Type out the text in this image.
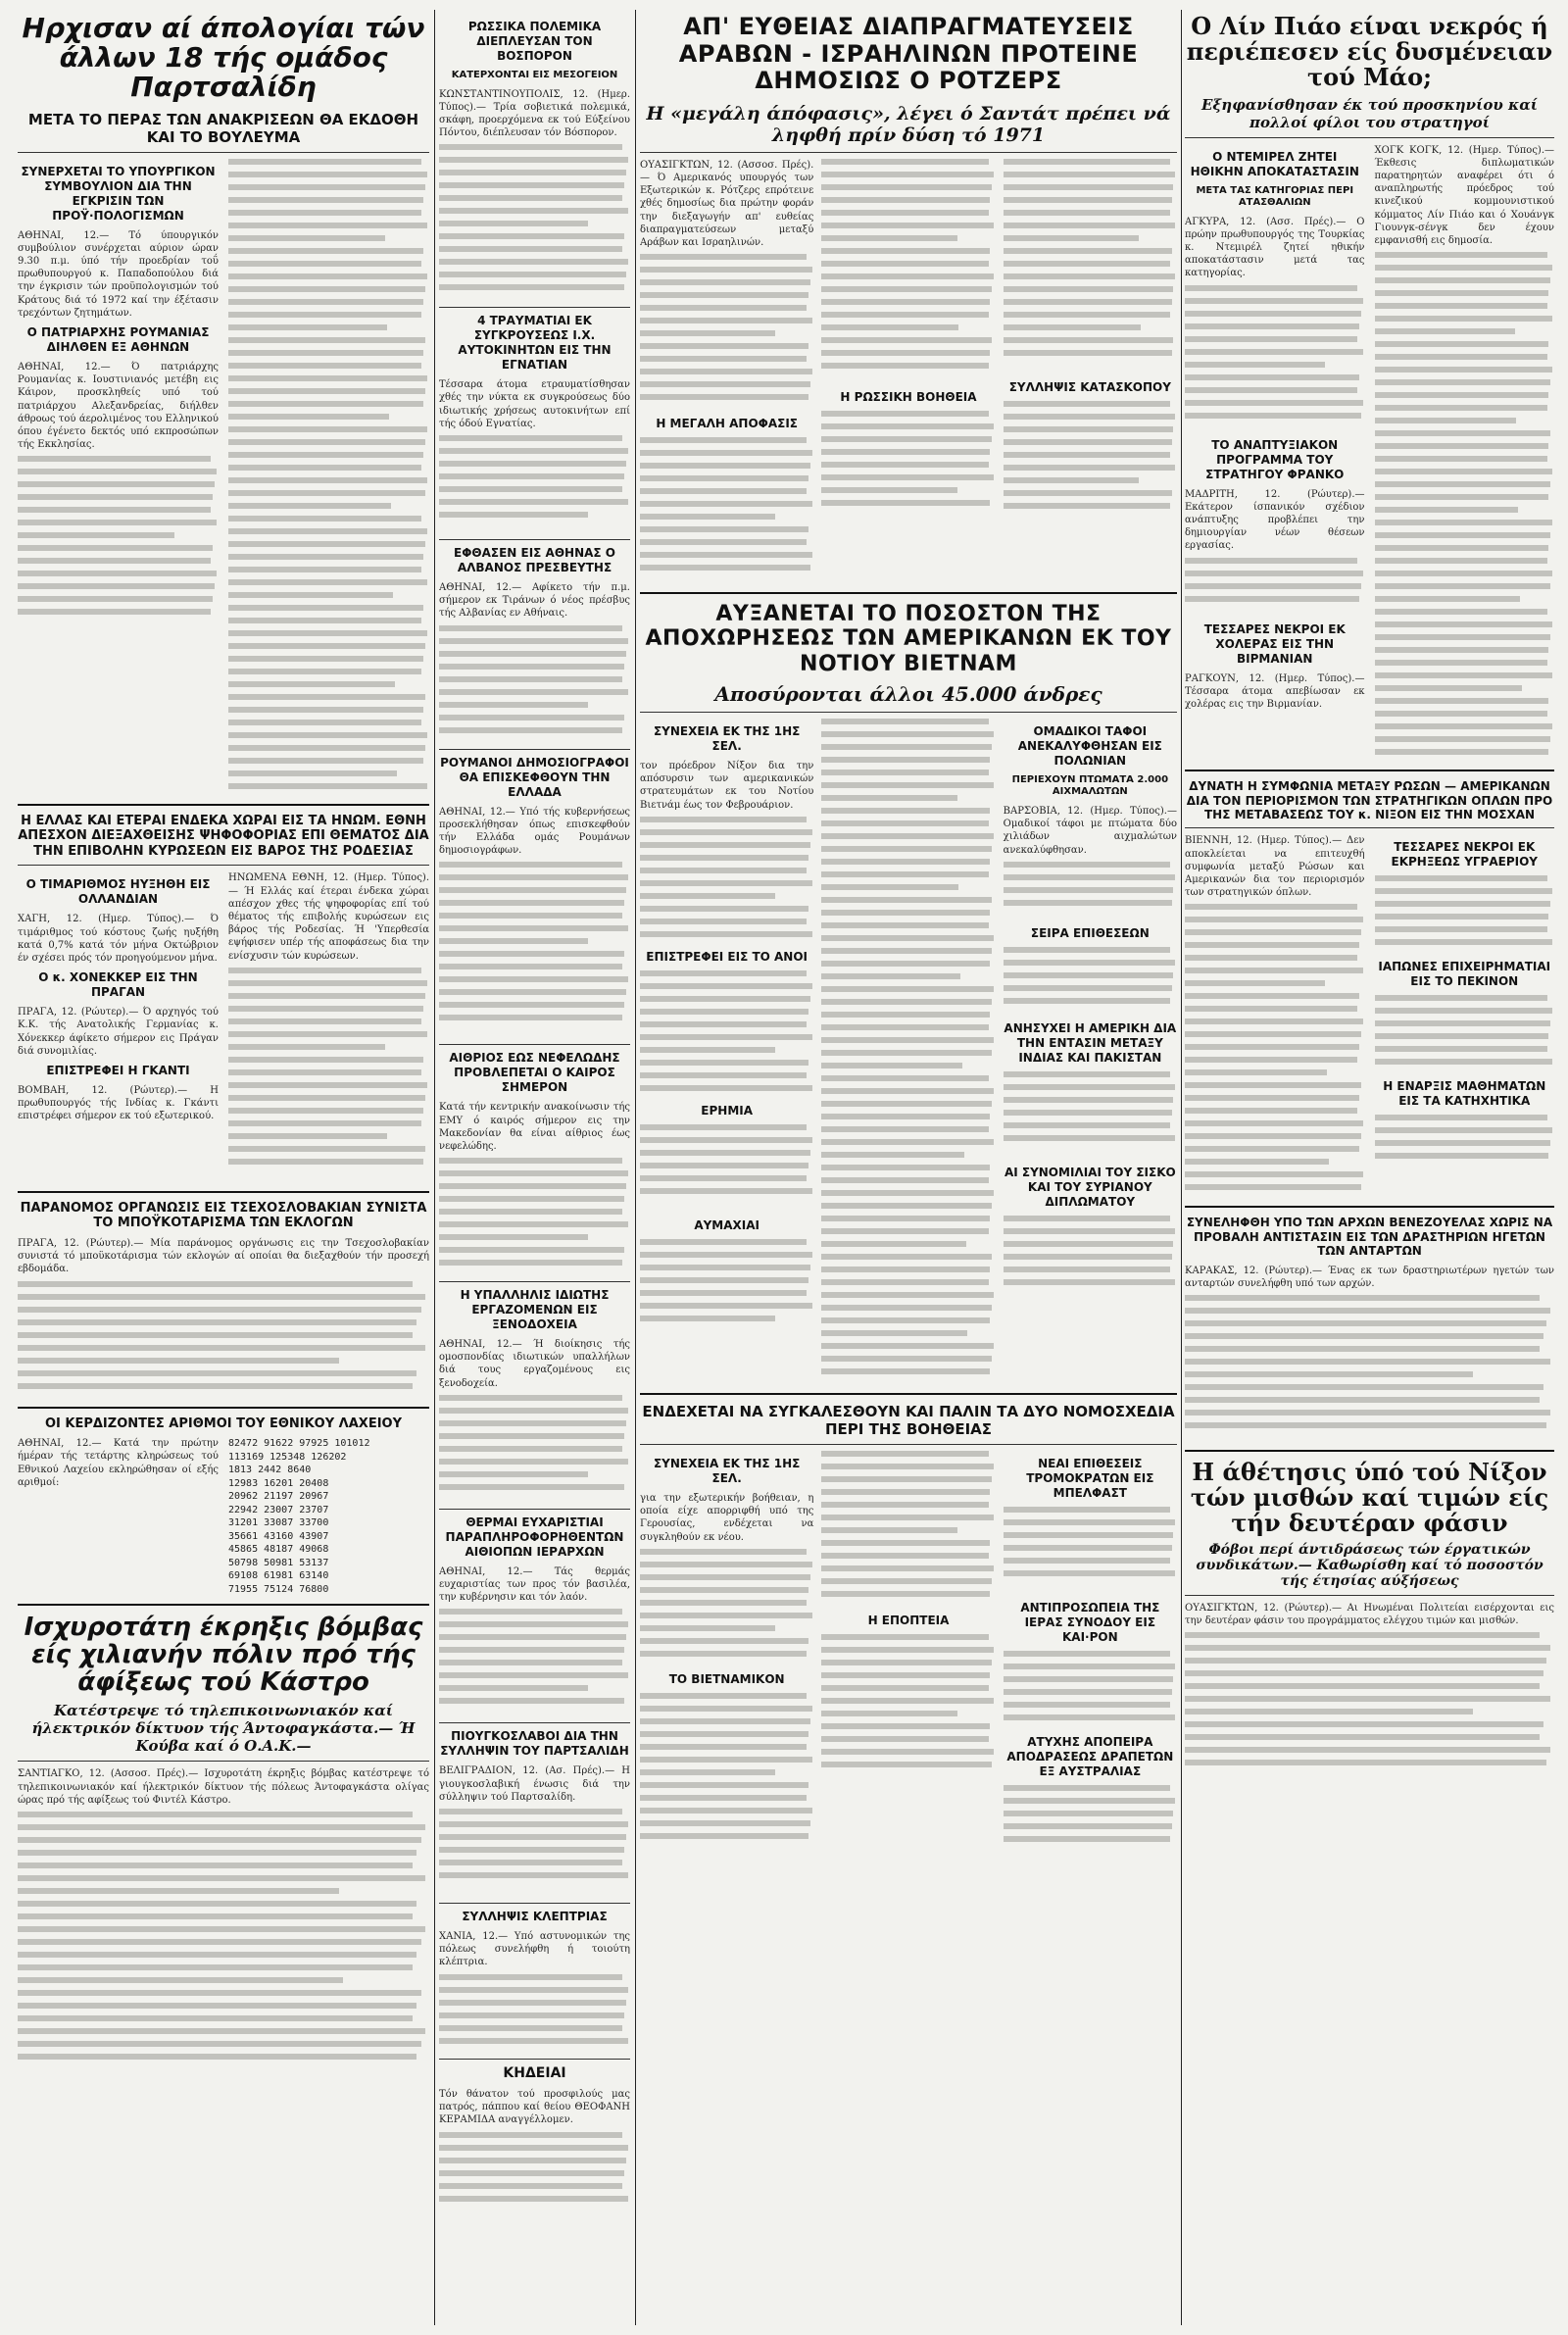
Ηρχισαν αί άπολογίαι τών άλλων 18 τής ομάδος Παρτσαλίδη
ΜΕΤΑ ΤΟ ΠΕΡΑΣ ΤΩΝ ΑΝΑΚΡΙΣΕΩΝ ΘΑ ΕΚΔΟΘΗ ΚΑΙ ΤΟ ΒΟΥΛΕΥΜΑ
ΣΥΝΕΡΧΕΤΑΙ ΤΟ ΥΠΟΥΡΓΙΚΟΝ ΣΥΜΒΟΥΛΙΟΝ ΔΙΑ ΤΗΝ ΕΓΚΡΙΣΙΝ ΤΩΝ ΠΡΟΫ·ΠΟΛΟΓΙΣΜΩΝ

ΑΘΗΝΑΙ, 12.— Τό ύπουργικόν συμβούλιον συνέρχεται αύριον ώραν 9.30 π.μ. ύπό τήν προεδρίαν τοΰ πρωθυπουργού κ. Παπαδοπούλου διά την έγκρισιν τών προϋπολογισμών τού Κράτους διά τό 1972 καί την έξέτασιν τρεχόντων ζητημάτων.

Ο ΠΑΤΡΙΑΡΧΗΣ ΡΟΥΜΑΝΙΑΣ ΔΙΗΛΘΕΝ ΕΞ ΑΘΗΝΩΝ

ΑΘΗΝΑΙ, 12.— Ό πατριάρχης Ρουμανίας κ. Ιουστινιανός μετέβη εις Κάιρον, προσκληθείς υπό τού πατριάρχου Αλεξανδρείας, διήλθεν άθροως τού άερολιμένος του Ελληνικού όπου έγένετο δεκτός υπό εκπροσώπων τής Εκκλησίας.

Η ΕΛΛΑΣ ΚΑΙ ΕΤΕΡΑΙ ΕΝΔΕΚΑ ΧΩΡΑΙ ΕΙΣ ΤΑ ΗΝΩΜ. ΕΘΝΗ ΑΠΕΣΧΟΝ ΔΙΕΞΑΧΘΕΙΣΗΣ ΨΗΦΟΦΟΡΙΑΣ ΕΠΙ ΘΕΜΑΤΟΣ ΔΙΑ ΤΗΝ ΕΠΙΒΟΛΗΝ ΚΥΡΩΣΕΩΝ ΕΙΣ ΒΑΡΟΣ ΤΗΣ ΡΟΔΕΣΙΑΣ
Ο ΤΙΜΑΡΙΘΜΟΣ ΗΥΞΗΘΗ ΕΙΣ ΟΛΛΑΝΔΙΑΝ

ΧΑΓΗ, 12. (Ημερ. Τύπος).— Ό τιμάριθμος τού κόστους ζωής ηυξήθη κατά 0,7% κατά τόν μήνα Οκτώβριον έν σχέσει πρός τόν προηγούμενον μήνα.

Ο κ. ΧΟΝΕΚΚΕΡ ΕΙΣ ΤΗΝ ΠΡΑΓΑΝ

ΠΡΑΓΑ, 12. (Ρώυτερ).— Ό αρχηγός τού Κ.Κ. τής Ανατολικής Γερμανίας κ. Χόνεκκερ άφίκετο σήμερον εις Πράγαν διά συνομιλίας.

ΕΠΙΣΤΡΕΦΕΙ Η ΓΚΑΝΤΙ

ΒΟΜΒΑΗ, 12. (Ρώυτερ).— Η πρωθυπουργός τής Ινδίας κ. Γκάντι επιστρέφει σήμερον εκ τού εξωτερικού.

ΗΝΩΜΕΝΑ ΕΘΝΗ, 12. (Ημερ. Τύπος).— Ή Ελλάς καί έτεραι ένδεκα χώραι απέσχον χθες τής ψηφοφορίας επί τού θέματος τής επιβολής κυρώσεων εις βάρος τής Ροδεσίας. Ή 'Υπερθεσία εψήφισεν υπέρ τής αποφάσεως δια την ενίσχυσιν τών κυρώσεων.

ΠΑΡΑΝΟΜΟΣ ΟΡΓΑΝΩΣΙΣ ΕΙΣ ΤΣΕΧΟΣΛΟΒΑΚΙΑΝ ΣΥΝΙΣΤΑ ΤΟ ΜΠΟΫΚΟΤΑΡΙΣΜΑ ΤΩΝ ΕΚΛΟΓΩΝ

ΠΡΑΓΑ, 12. (Ρώυτερ).— Μία παράνομος οργάνωσις εις την Τσεχοσλοβακίαν συνιστά τό μποϋκοτάρισμα τών εκλογών αί οποίαι θα διεξαχθούν τήν προσεχή εβδομάδα.

ΟΙ ΚΕΡΔΙΖΟΝΤΕΣ ΑΡΙΘΜΟΙ ΤΟΥ ΕΘΝΙΚΟΥ ΛΑΧΕΙΟΥ

ΑΘΗΝΑΙ, 12.— Κατά την πρώτην ήμέραν τής τετάρτης κληρώσεως τού Εθνικού Λαχείου εκληρώθησαν οί εξής αριθμοί:

82472 91622 97925 101012
113169 125348 126202
1813 2442 8640
12983 16201 20408
20962 21197 20967
22942 23007 23707
31201 33087 33700
35661 43160 43907
45865 48187 49068
50798 50981 53137
69108 61981 63140
71955 75124 76800
Ισχυροτάτη έκρηξις βόμβας είς χιλιανήν πόλιν πρό τής άφίξεως τού Κάστρο
Κατέστρεψε τό τηλεπικοινωνιακόν καί ήλεκτρικόν δίκτυον τής Άντοφαγκάστα.— Ή Κούβα καί ό Ο.Α.Κ.—

ΣΑΝΤΙΑΓΚΟ, 12. (Ασσοσ. Πρές).— Ισχυροτάτη έκρηξις βόμβας κατέστρεψε τό τηλεπικοινωνιακόν καί ήλεκτρικόν δίκτυον τής πόλεως Άντοφαγκάστα ολίγας ώρας πρό τής αφίξεως τού Φιντέλ Κάστρο.

ΡΩΣΣΙΚΑ ΠΟΛΕΜΙΚΑ ΔΙΕΠΛΕΥΣΑΝ ΤΟΝ ΒΟΣΠΟΡΟΝ
ΚΑΤΕΡΧΟΝΤΑΙ ΕΙΣ ΜΕΣΟΓΕΙΟΝ

ΚΩΝΣΤΑΝΤΙΝΟΥΠΟΛΙΣ, 12. (Ημερ. Τύπος).— Τρία σοβιετικά πολεμικά, σκάφη, προερχόμενα εκ τού Εύξείνου Πόντου, διέπλευσαν τόν Βόσπορον.

4 ΤΡΑΥΜΑΤΙΑΙ ΕΚ ΣΥΓΚΡΟΥΣΕΩΣ Ι.Χ. ΑΥΤΟΚΙΝΗΤΩΝ ΕΙΣ ΤΗΝ ΕΓΝΑΤΙΑΝ

Τέσσαρα άτομα ετραυματίσθησαν χθές την νύκτα εκ συγκρούσεως δύο ιδιωτικής χρήσεως αυτοκινήτων επί τής όδού Εγνατίας.

ΕΦΘΑΣΕΝ ΕΙΣ ΑΘΗΝΑΣ Ο ΑΛΒΑΝΟΣ ΠΡΕΣΒΕΥΤΗΣ

ΑΘΗΝΑΙ, 12.— Αφίκετο τήν π.μ. σήμερον εκ Τιράνων ό νέος πρέσβυς τής Αλβανίας εν Αθήναις.

ΡΟΥΜΑΝΟΙ ΔΗΜΟΣΙΟΓΡΑΦΟΙ ΘΑ ΕΠΙΣΚΕΦΘΟΥΝ ΤΗΝ ΕΛΛΑΔΑ

ΑΘΗΝΑΙ, 12.— Υπό τής κυβερνήσεως προσεκλήθησαν όπως επισκεφθούν τήν Ελλάδα ομάς Ρουμάνων δημοσιογράφων.

ΑΙΘΡΙΟΣ ΕΩΣ ΝΕΦΕΛΩΔΗΣ ΠΡΟΒΛΕΠΕΤΑΙ Ο ΚΑΙΡΟΣ ΣΗΜΕΡΟΝ

Κατά τήν κεντρικήν ανακοίνωσιν τής ΕΜΥ ό καιρός σήμερον εις την Μακεδονίαν θα είναι αίθριος έως νεφελώδης.

Η ΥΠΑΛΛΗΛΙΣ ΙΔΙΩΤΗΣ ΕΡΓΑΖΟΜΕΝΩΝ ΕΙΣ ΞΕΝΟΔΟΧΕΙΑ

ΑΘΗΝΑΙ, 12.— Ή διοίκησις τής ομοσπονδίας ιδιωτικών υπαλλήλων διά τους εργαζομένους εις ξενοδοχεία.

ΘΕΡΜΑΙ ΕΥΧΑΡΙΣΤΙΑΙ ΠΑΡΑΠΛΗΡΟΦΟΡΗΘΕΝΤΩΝ ΑΙΘΙΟΠΩΝ ΙΕΡΑΡΧΩΝ

ΑΘΗΝΑΙ, 12.— Τάς θερμάς ευχαριστίας των προς τόν βασιλέα, την κυβέρνησιν και τόν λαόν.

ΠΙΟΥΓΚΟΣΛΑΒΟΙ ΔΙΑ ΤΗΝ ΣΥΛΛΗΨΙΝ ΤΟΥ ΠΑΡΤΣΑΛΙΔΗ

ΒΕΛΙΓΡΑΔΙΟΝ, 12. (Ασ. Πρές).— Η γιουγκοσλαβική ένωσις διά την σύλληψιν τού Παρτσαλίδη.

ΣΥΛΛΗΨΙΣ ΚΛΕΠΤΡΙΑΣ

ΧΑΝΙΑ, 12.— Υπό αστυνομικών της πόλεως συνελήφθη ή τοιούτη κλέπτρια.

ΚΗΔΕΙΑΙ

Τόν θάνατον τού προσφιλούς μας πατρός, πάππου καί θείου ΘΕΟΦΑΝΗ ΚΕΡΑΜΙΔΑ αναγγέλλομεν.

ΑΠ' ΕΥΘΕΙΑΣ ΔΙΑΠΡΑΓΜΑΤΕΥΣΕΙΣ ΑΡΑΒΩΝ - ΙΣΡΑΗΛΙΝΩΝ ΠΡΟΤΕΙΝΕ ΔΗΜΟΣΙΩΣ Ο ΡΟΤΖΕΡΣ
Η «μεγάλη άπόφασις», λέγει ό Σαντάτ πρέπει νά ληφθή πρίν δύση τό 1971

ΟΥΑΣΙΓΚΤΩΝ, 12. (Ασσοσ. Πρές).— Ό Αμερικανός υπουργός των Εξωτερικών κ. Ρότζερς επρότεινε χθές δημοσίως δια πρώτην φοράν την διεξαγωγήν απ' ευθείας διαπραγματεύσεων μεταξύ Αράβων και Ισραηλινών.

Η ΜΕΓΑΛΗ ΑΠΟΦΑΣΙΣ
Η ΡΩΣΣΙΚΗ ΒΟΗΘΕΙΑ
ΣΥΛΛΗΨΙΣ ΚΑΤΑΣΚΟΠΟΥ
ΑΥΞΑΝΕΤΑΙ ΤΟ ΠΟΣΟΣΤΟΝ ΤΗΣ ΑΠΟΧΩΡΗΣΕΩΣ ΤΩΝ ΑΜΕΡΙΚΑΝΩΝ ΕΚ ΤΟΥ ΝΟΤΙΟΥ ΒΙΕΤΝΑΜ
Αποσύρονται άλλοι 45.000 άνδρες
ΣΥΝΕΧΕΙΑ ΕΚ ΤΗΣ 1ΗΣ ΣΕΛ.

τον πρόεδρον Νίξον δια την απόσυρσιν των αμερικανικών στρατευμάτων εκ του Νοτίου Βιετνάμ έως τον Φεβρουάριον.

ΕΠΙΣΤΡΕΦΕΙ ΕΙΣ ΤΟ ΑΝΟΙ
ΕΡΗΜΙΑ
ΑΥΜΑΧΙΑΙ
ΟΜΑΔΙΚΟΙ ΤΑΦΟΙ ΑΝΕΚΑΛΥΦΘΗΣΑΝ ΕΙΣ ΠΟΛΩΝΙΑΝ
ΠΕΡΙΕΧΟΥΝ ΠΤΩΜΑΤΑ 2.000 ΑΙΧΜΑΛΩΤΩΝ

ΒΑΡΣΟΒΙΑ, 12. (Ημερ. Τύπος).— Ομαδικοί τάφοι με πτώματα δύο χιλιάδων αιχμαλώτων ανεκαλύφθησαν.

ΣΕΙΡΑ ΕΠΙΘΕΣΕΩΝ
ΑΝΗΣΥΧΕΙ Η ΑΜΕΡΙΚΗ ΔΙΑ ΤΗΝ ΕΝΤΑΣΙΝ ΜΕΤΑΞΥ ΙΝΔΙΑΣ ΚΑΙ ΠΑΚΙΣΤΑΝ
ΑΙ ΣΥΝΟΜΙΛΙΑΙ ΤΟΥ ΣΙΣΚΟ ΚΑΙ ΤΟΥ ΣΥΡΙΑΝΟΥ ΔΙΠΛΩΜΑΤΟΥ
ΕΝΔΕΧΕΤΑΙ ΝΑ ΣΥΓΚΑΛΕΣΘΟΥΝ ΚΑΙ ΠΑΛΙΝ ΤΑ ΔΥΟ ΝΟΜΟΣΧΕΔΙΑ ΠΕΡΙ ΤΗΣ ΒΟΗΘΕΙΑΣ
ΣΥΝΕΧΕΙΑ ΕΚ ΤΗΣ 1ΗΣ ΣΕΛ.

για την εξωτερικήν βοήθειαν, η οποία είχε απορριφθή υπό της Γερουσίας, ενδέχεται να συγκληθούν εκ νέου.

ΤΟ ΒΙΕΤΝΑΜΙΚΟΝ
Η ΕΠΟΠΤΕΙΑ
ΝΕΑΙ ΕΠΙΘΕΣΕΙΣ ΤΡΟΜΟΚΡΑΤΩΝ ΕΙΣ ΜΠΕΛΦΑΣΤ
ΑΝΤΙΠΡΟΣΩΠΕΙΑ ΤΗΣ ΙΕΡΑΣ ΣΥΝΟΔΟΥ ΕΙΣ ΚΑΙ·ΡΟΝ
ΑΤΥΧΗΣ ΑΠΟΠΕΙΡΑ ΑΠΟΔΡΑΣΕΩΣ ΔΡΑΠΕΤΩΝ ΕΞ ΑΥΣΤΡΑΛΙΑΣ
Ο Λίν Πιάο είναι νεκρός ή περιέπεσεν είς δυσμένειαν τού Μάο;
Εξηφανίσθησαν έκ τού προσκηνίου καί πολλοί φίλοι του στρατηγοί
Ο ΝΤΕΜΙΡΕΛ ΖΗΤΕΙ ΗΘΙΚΗΝ ΑΠΟΚΑΤΑΣΤΑΣΙΝ
ΜΕΤΑ ΤΑΣ ΚΑΤΗΓΟΡΙΑΣ ΠΕΡΙ ΑΤΑΣΘΑΛΙΩΝ

ΑΓΚΥΡΑ, 12. (Ασσ. Πρές).— Ο πρώην πρωθυπουργός της Τουρκίας κ. Ντεμιρέλ ζητεί ηθικήν αποκατάστασιν μετά τας κατηγορίας.

ΤΟ ΑΝΑΠΤΥΞΙΑΚΟΝ ΠΡΟΓΡΑΜΜΑ ΤΟΥ ΣΤΡΑΤΗΓΟΥ ΦΡΑΝΚΟ

ΜΑΔΡΙΤΗ, 12. (Ρώυτερ).— Εκάτερον ίσπανικόν σχέδιον ανάπτυξης προβλέπει την δημιουργίαν νέων θέσεων εργασίας.

ΤΕΣΣΑΡΕΣ ΝΕΚΡΟΙ ΕΚ ΧΟΛΕΡΑΣ ΕΙΣ ΤΗΝ ΒΙΡΜΑΝΙΑΝ

ΡΑΓΚΟΥΝ, 12. (Ημερ. Τύπος).— Τέσσαρα άτομα απεβίωσαν εκ χολέρας εις την Βιρμανίαν.

ΧΟΓΚ ΚΟΓΚ, 12. (Ημερ. Τύπος).— Έκθεσις διπλωματικών παρατηρητών αναφέρει ότι ό αναπληρωτής πρόεδρος τού κινεζικού κομμουνιστικού κόμματος Λίν Πιάο και ό Χουάνγκ Γιουνγκ-σένγκ δεν έχουν εμφανισθή εις δημοσία.

ΔΥΝΑΤΗ Η ΣΥΜΦΩΝΙΑ ΜΕΤΑΞΥ ΡΩΣΩΝ — ΑΜΕΡΙΚΑΝΩΝ ΔΙΑ ΤΟΝ ΠΕΡΙΟΡΙΣΜΟΝ ΤΩΝ ΣΤΡΑΤΗΓΙΚΩΝ ΟΠΛΩΝ ΠΡΟ ΤΗΣ ΜΕΤΑΒΑΣΕΩΣ ΤΟΥ κ. ΝΙΞΟΝ ΕΙΣ ΤΗΝ ΜΟΣΧΑΝ

ΒΙΕΝΝΗ, 12. (Ημερ. Τύπος).— Δεν αποκλείεται να επιτευχθή συμφωνία μεταξύ Ρώσων και Αμερικανών δια τον περιορισμόν των στρατηγικών όπλων.

ΤΕΣΣΑΡΕΣ ΝΕΚΡΟΙ ΕΚ ΕΚΡΗΞΕΩΣ ΥΓΡΑΕΡΙΟΥ
ΙΑΠΩΝΕΣ ΕΠΙΧΕΙΡΗΜΑΤΙΑΙ ΕΙΣ ΤΟ ΠΕΚΙΝΟΝ
Η ΕΝΑΡΞΙΣ ΜΑΘΗΜΑΤΩΝ ΕΙΣ ΤΑ ΚΑΤΗΧΗΤΙΚΑ
ΣΥΝΕΛΗΦΘΗ ΥΠΟ ΤΩΝ ΑΡΧΩΝ ΒΕΝΕΖΟΥΕΛΑΣ ΧΩΡΙΣ ΝΑ ΠΡΟΒΑΛΗ ΑΝΤΙΣΤΑΣΙΝ ΕΙΣ ΤΩΝ ΔΡΑΣΤΗΡΙΩΝ ΗΓΕΤΩΝ ΤΩΝ ΑΝΤΑΡΤΩΝ

ΚΑΡΑΚΑΣ, 12. (Ρώυτερ).— Ένας εκ των δραστηριωτέρων ηγετών των ανταρτών συνελήφθη υπό των αρχών.

Η άθέτησις ύπό τού Νίξον τών μισθών καί τιμών είς τήν δευτέραν φάσιν
Φόβοι περί άντιδράσεως τών έργατικών συνδικάτων.— Καθωρίσθη καί τό ποσοστόν τής έτησίας αύξήσεως

ΟΥΑΣΙΓΚΤΩΝ, 12. (Ρώυτερ).— Αι Ηνωμέναι Πολιτείαι εισέρχονται εις την δευτέραν φάσιν του προγράμματος ελέγχου τιμών και μισθών.
